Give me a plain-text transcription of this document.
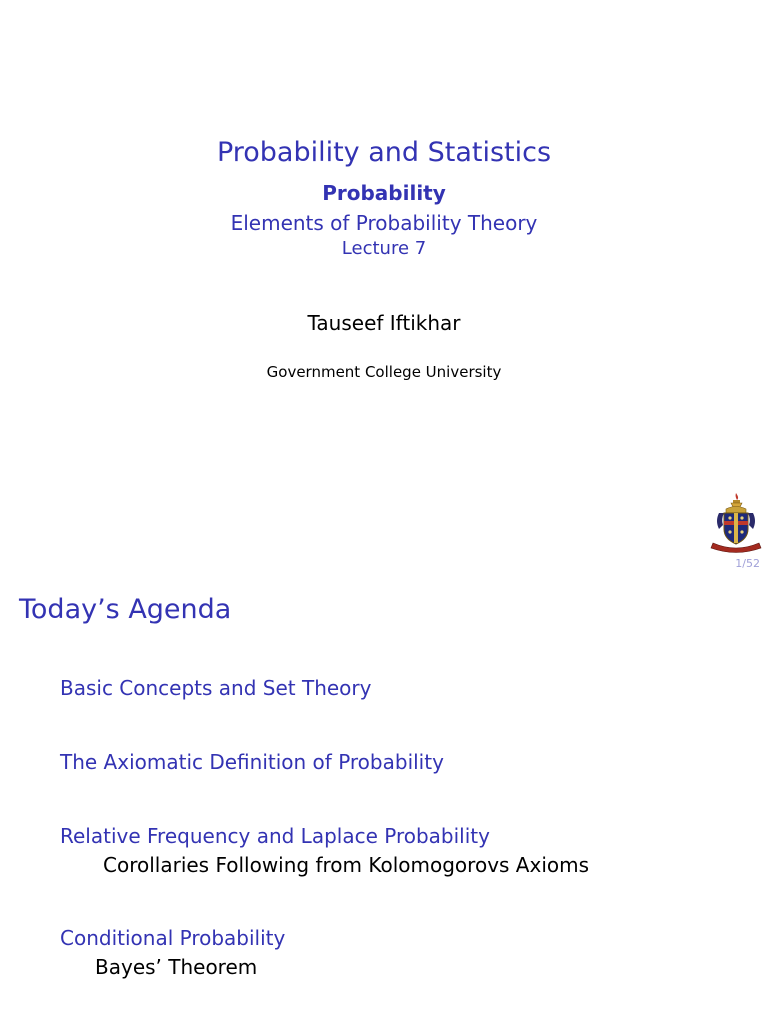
Probability and Statistics
Probability
Elements of Probability Theory
Lecture 7
Tauseef Iftikhar
Government College University
1/52
Today’s Agenda
Basic Concepts and Set Theory
The Axiomatic Definition of Probability
Relative Frequency and Laplace Probability
Corollaries Following from Kolomogorovs Axioms
Conditional Probability
Bayes’ Theorem
